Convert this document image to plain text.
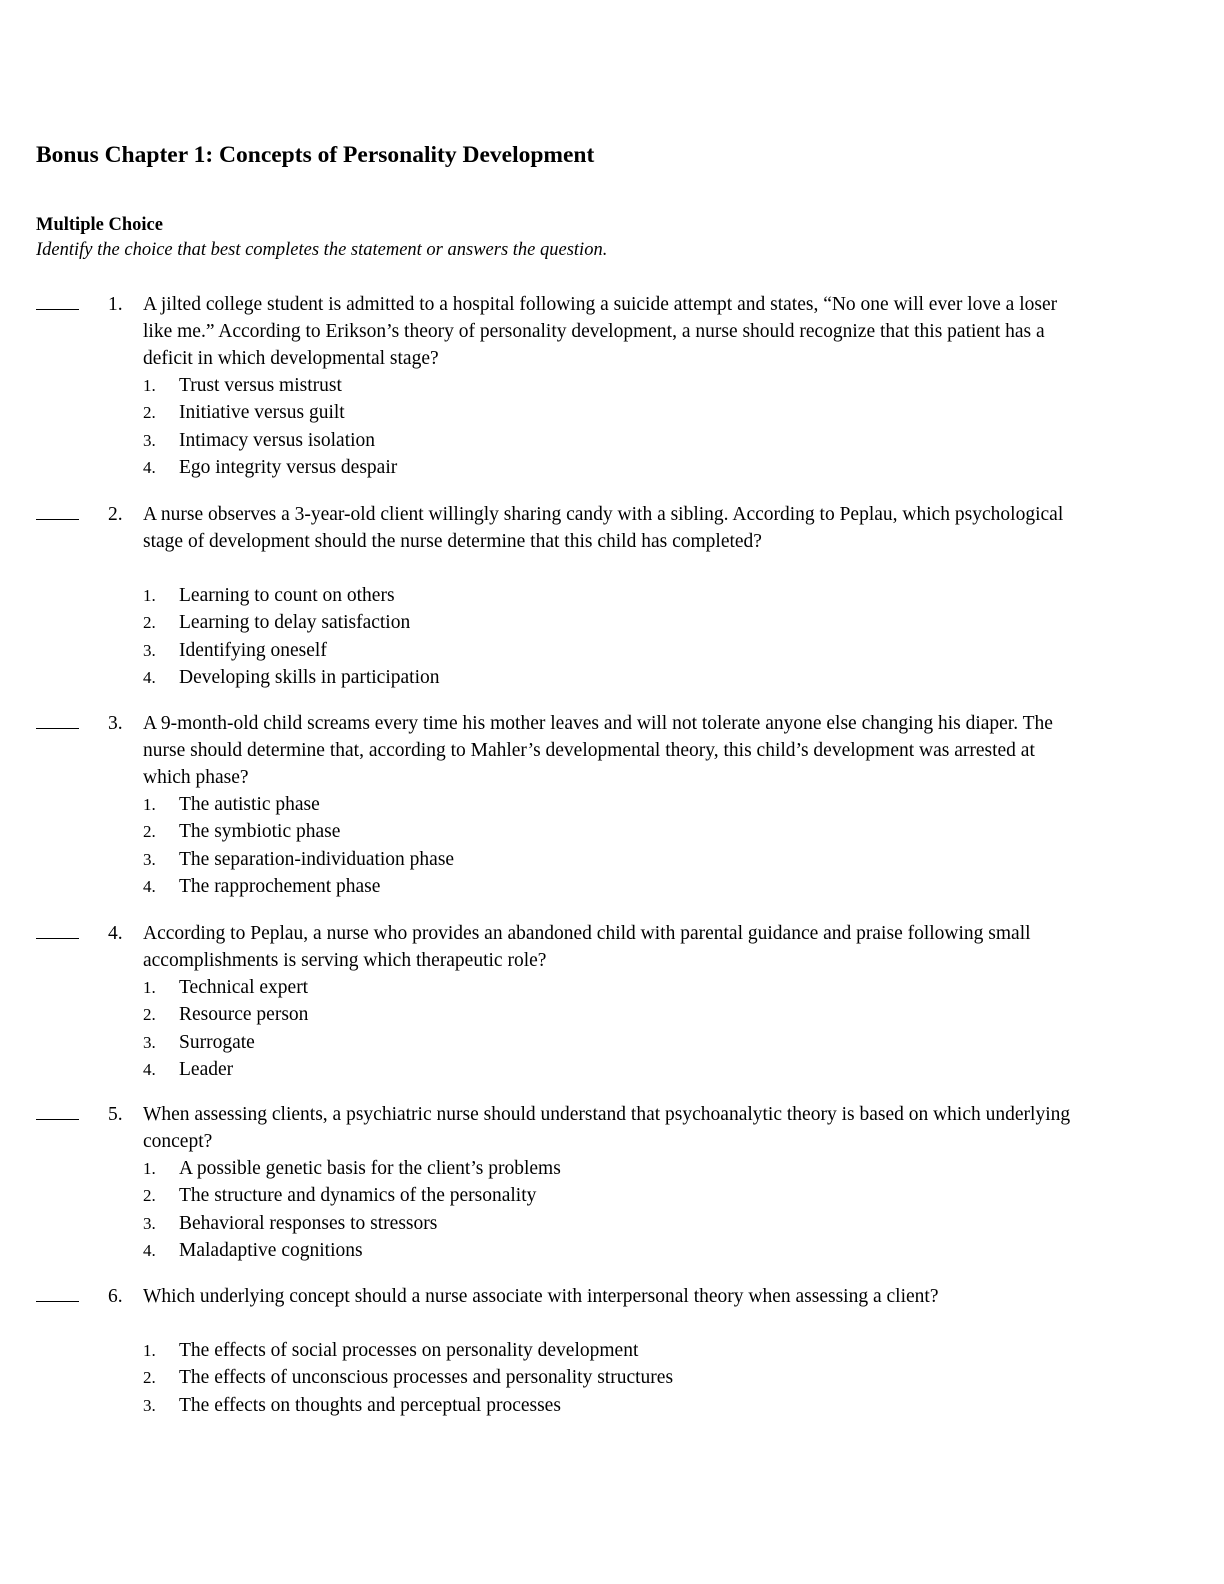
Bonus Chapter 1: Concepts of Personality Development
Multiple Choice
Identify the choice that best completes the statement or answers the question.
1. A jilted college student is admitted to a hospital following a suicide attempt and states, “No one will ever love a loser like me.” According to Erikson’s theory of personality development, a nurse should recognize that this patient has a deficit in which developmental stage?

1. Trust versus mistrust
2. Initiative versus guilt
3. Intimacy versus isolation
4. Ego integrity versus despair
2. A nurse observes a 3-year-old client willingly sharing candy with a sibling. According to Peplau, which psychological stage of development should the nurse determine that this child has completed?

1. Learning to count on others
2. Learning to delay satisfaction
3. Identifying oneself
4. Developing skills in participation
3. A 9-month-old child screams every time his mother leaves and will not tolerate anyone else changing his diaper. The nurse should determine that, according to Mahler’s developmental theory, this child’s development was arrested at which phase?

1. The autistic phase
2. The symbiotic phase
3. The separation-individuation phase
4. The rapprochement phase
4. According to Peplau, a nurse who provides an abandoned child with parental guidance and praise following small accomplishments is serving which therapeutic role?

1. Technical expert
2. Resource person
3. Surrogate
4. Leader
5. When assessing clients, a psychiatric nurse should understand that psychoanalytic theory is based on which underlying concept?

1. A possible genetic basis for the client’s problems
2. The structure and dynamics of the personality
3. Behavioral responses to stressors
4. Maladaptive cognitions
6. Which underlying concept should a nurse associate with interpersonal theory when assessing a client?

1. The effects of social processes on personality development
2. The effects of unconscious processes and personality structures
3. The effects on thoughts and perceptual processes
